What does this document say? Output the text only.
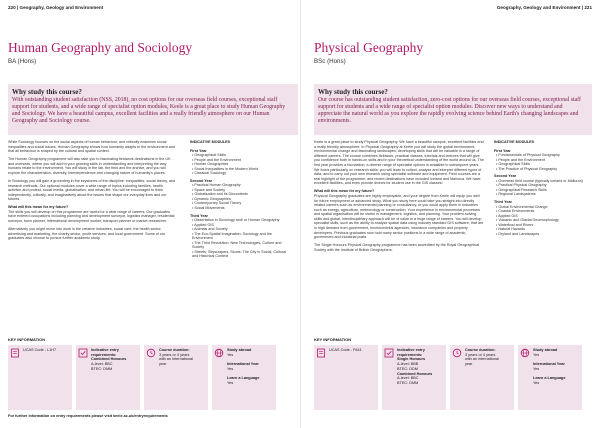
220 | Geography, Geology and Environment
Human Geography and Sociology
BA (Hons)
Why study this course?

With outstanding student satisfaction (NSS, 2018), no cost options for our overseas field courses, exceptional staff support for students, and a wide range of specialist option modules, Keele is a great place to study Human Geography and Sociology. We have a beautiful campus, excellent facilities and a really friendly atmosphere on our Human Geography and Sociology course.

While Sociology focuses on the social aspects of human behaviour, and critically examines social inequalities and social issues, Human Geography shows how humanity adapts to the environment and that all behaviour is shaped by the cultural and spatial context.

The Human Geography programme will also take you to fascinating fieldwork destinations in the UK and overseas, where you will add to your growing skills in understanding and interpreting the way humans relate to the environment. You will study in the lab, the field and the archive, and you will explore the characteristics, diversity, interdependence and changing nature of humanity's places.

In Sociology you will gain a grounding in the keystones of the discipline: inequalities, social theory, and research methods. Our optional modules cover a wide range of topics including families, health, activism and protest, social media, globalisation, and urban life. You will be encouraged to think independently, critically, and imaginatively about the issues that shape our everyday lives and our futures.

What will this mean for my future?

The skills you will develop on this programme are useful for a wide range of careers. Our graduates have entered occupations including planning and development surveyor, logistics manager, residential surveyor, town planner, international development worker, transport planner or market researcher.

Alternatively you might move into work in the creative industries, social care, the health sector, advertising and marketing, the charity sector, youth services, and local government. Some of our graduates also choose to pursue further academic study.

INDICATIVE MODULES
First Year
• Geographical Skills
• People and the Environment
• Human Geographies
• Social Inequalities in the Modern World
• Classical Sociology
Second Year
• Practical Human Geography
• Space and Society
• Globalisation and its Discontents
• Dynamic Geographies
• Contemporary Social Theory
• Social Movements
Third Year
• Dissertation in Sociology and/ or Human Geography
• Applied GIS
• Animals and Society
• The Eco-Spatial Imagination: Sociology and the Environment
• The Third Revolution: New Technologies, Culture and Society
• Streets, Skyscrapers, Slums: The City in Social, Cultural and Historical Context
KEY INFORMATION
UCAS Code - L1H7	Indicative entry requirements:
Combined Honours
A-level: BBC
BTEC: DMM
Course duration:
3 years or 4 years
with an International
year
Study abroad
Yes

International Year
Yes

Learn a Language
Yes
For further information on entry requirements please visit keele.ac.uk/entryrequirements
Geography, Geology and Environment | 221
Physical Geography
BSc (Hons)
Why study this course?

Our course has outstanding student satisfaction, zero-cost options for our overseas field courses, exceptional staff support for students and a wide range of specialist option modules. Discover new ways to understand and appreciate the natural world as you explore the rapidly evolving science behind Earth's changing landscapes and environments.

Keele is a great place to study Physical Geography. We have a beautiful campus, excellent facilities and a really friendly atmosphere. In Physical Geography at Keele you will study the global environment, environmental change and fascinating landscapes, developing skills that will be valuable in a range of different careers. The course combines fieldwork, practical classes, tutorials and lectures that will give you confidence both in hands-on skills and in your theoretical understanding of the world around us. The first year provides a foundation; a diverse range of specialist options is available in subsequent years. We focus particularly on research skills: you will learn to collect, analyse and interpret different types of data, and to carry out your own research using specialist software and equipment. Field courses are a real highlight of the programme, and recent destinations have included Iceland and Mallorca. We have excellent facilities, and even provide drones for student use in the GIS classes!

What will this mean for my future?

Physical Geography graduates are highly employable, and your degree from Keele will equip you well for future employment or advanced study. What you study here could take you straight into directly related careers such as environmental planning or consultancy, or you could apply them in industries such as energy, agriculture, meteorology or construction. Your experience in environmental processes and spatial organisation will be useful in management, logistics, and planning. Your problem-solving skills and global, interdisciplinary approach will be of value in a huge range of careers. You will develop specialist skills, such as the ability to analyse spatial data using industry standard GIS software, that are in high demand from government, environmental agencies, insurance companies and property developers. Previous graduates now hold many senior positions in a wide range of academic, government and industrial posts.

The Single Honours Physical Geography programme has been accredited by the Royal Geographical Society with the Institute of British Geographers.

INDICATIVE MODULES
First Year
• Fundamentals of Physical Geography
• People and the Environment
• Geographical Skills
• The Practice of Physical Geography
Second Year
• Overseas field course (typically Iceland or Mallorca)
• Practical Physical Geography
• Geographical Research Skills
• Regional Landsystems
Third Year
• Global Environmental Change
• Coastal Environments
• Applied GIS
• Volcanic and Glacial Geomorphology
• Waterfowl and Rivers
• Natural Hazards
• Dryland and Landscapes
KEY INFORMATION
UCAS Code - F841	Indicative entry requirements:
Single Honours
A-level: BBB
BTEC: DDM
Combined Honours
A-level: BBC
BTEC: DMM
Course duration:
3 years or 4 years
with an international
year
Study abroad
Yes

International Year
Yes

Learn a Language
Yes
